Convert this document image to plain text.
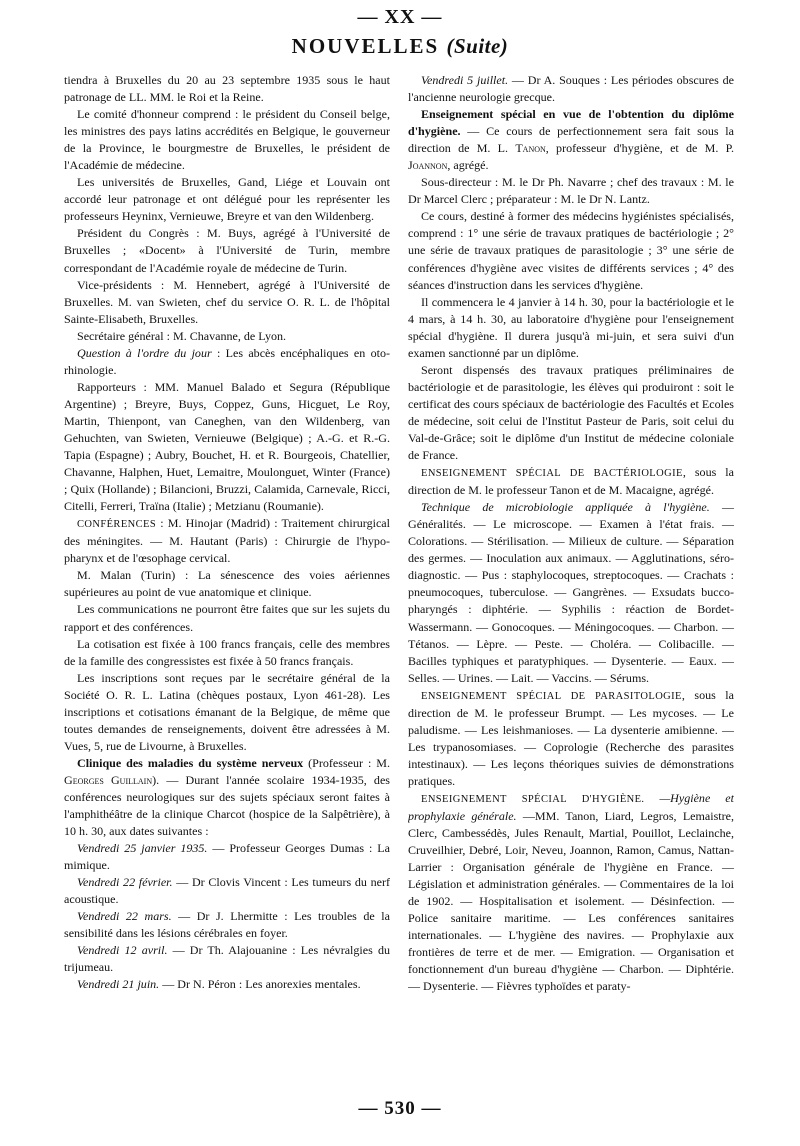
— XX —
NOUVELLES (Suite)

tiendra à Bruxelles du 20 au 23 septembre 1935 sous le haut patronage de LL. MM. le Roi et la Reine.

Le comité d'honneur comprend : le président du Conseil belge, les ministres des pays latins accrédités en Belgique, le gouverneur de la Province, le bourgmestre de Bruxelles, le président de l'Académie de médecine.

Les universités de Bruxelles, Gand, Liége et Louvain ont accordé leur patronage et ont délégué pour les représenter les professeurs Heyninx, Vernieuwe, Breyre et van den Wildenberg.

Président du Congrès : M. Buys, agrégé à l'Université de Bruxelles ; «Docent» à l'Université de Turin, membre correspondant de l'Académie royale de médecine de Turin.

Vice-présidents : M. Hennebert, agrégé à l'Université de Bruxelles. M. van Swieten, chef du service O. R. L. de l'hôpital Sainte-Elisabeth, Bruxelles.

Secrétaire général : M. Chavanne, de Lyon.

Question à l'ordre du jour : Les abcès encéphaliques en oto-rhinologie.

Rapporteurs : MM. Manuel Balado et Segura (République Argentine) ; Breyre, Buys, Coppez, Guns, Hicguet, Le Roy, Martin, Thienpont, van Caneghen, van den Wildenberg, van Gehuchten, van Swieten, Vernieuwe (Belgique) ; A.-G. et R.-G. Tapia (Espagne) ; Aubry, Bouchet, H. et R. Bourgeois, Chatellier, Chavanne, Halphen, Huet, Lemaitre, Moulonguet, Winter (France) ; Quix (Hollande) ; Bilancioni, Bruzzi, Calamida, Carnevale, Ricci, Citelli, Ferreri, Traïna (Italie) ; Metzianu (Roumanie).

CONFÉRENCES : M. Hinojar (Madrid) : Traitement chirurgical des méningites. — M. Hautant (Paris) : Chirurgie de l'hypo-pharynx et de l'œsophage cervical.

M. Malan (Turin) : La sénescence des voies aériennes supérieures au point de vue anatomique et clinique.

Les communications ne pourront être faites que sur les sujets du rapport et des conférences.

La cotisation est fixée à 100 francs français, celle des membres de la famille des congressistes est fixée à 50 francs français.

Les inscriptions sont reçues par le secrétaire général de la Société O. R. L. Latina (chèques postaux, Lyon 461-28). Les inscriptions et cotisations émanant de la Belgique, de même que toutes demandes de renseignements, doivent être adressées à M. Vues, 5, rue de Livourne, à Bruxelles.

Clinique des maladies du système nerveux (Professeur : M. Georges Guillain). — Durant l'année scolaire 1934-1935, des conférences neurologiques sur des sujets spéciaux seront faites à l'amphithéâtre de la clinique Charcot (hospice de la Salpêtrière), à 10 h. 30, aux dates suivantes :

Vendredi 25 janvier 1935. — Professeur Georges Dumas : La mimique.

Vendredi 22 février. — Dr Clovis Vincent : Les tumeurs du nerf acoustique.

Vendredi 22 mars. — Dr J. Lhermitte : Les troubles de la sensibilité dans les lésions cérébrales en foyer.

Vendredi 12 avril. — Dr Th. Alajouanine : Les névralgies du trijumeau.

Vendredi 21 juin. — Dr N. Péron : Les anorexies mentales.

Vendredi 5 juillet. — Dr A. Souques : Les périodes obscures de l'ancienne neurologie grecque.

Enseignement spécial en vue de l'obtention du diplôme d'hygiène. — Ce cours de perfectionnement sera fait sous la direction de M. L. Tanon, professeur d'hygiène, et de M. P. Joannon, agrégé.

Sous-directeur : M. le Dr Ph. Navarre ; chef des travaux : M. le Dr Marcel Clerc ; préparateur : M. le Dr N. Lantz.

Ce cours, destiné à former des médecins hygiénistes spécialisés, comprend : 1° une série de travaux pratiques de bactériologie ; 2° une série de travaux pratiques de parasitologie ; 3° une série de conférences d'hygiène avec visites de différents services ; 4° des séances d'instruction dans les services d'hygiène.

Il commencera le 4 janvier à 14 h. 30, pour la bactériologie et le 4 mars, à 14 h. 30, au laboratoire d'hygiène pour l'enseignement spécial d'hygiène. Il durera jusqu'à mi-juin, et sera suivi d'un examen sanctionné par un diplôme.

Seront dispensés des travaux pratiques préliminaires de bactériologie et de parasitologie, les élèves qui produiront : soit le certificat des cours spéciaux de bactériologie des Facultés et Ecoles de médecine, soit celui de l'Institut Pasteur de Paris, soit celui du Val-de-Grâce; soit le diplôme d'un Institut de médecine coloniale de France.

ENSEIGNEMENT SPÉCIAL DE BACTÉRIOLOGIE, sous la direction de M. le professeur Tanon et de M. Macaigne, agrégé.

Technique de microbiologie appliquée à l'hygiène. — Généralités. — Le microscope. — Examen à l'état frais. — Colorations. — Stérilisation. — Milieux de culture. — Séparation des germes. — Inoculation aux animaux. — Agglutinations, séro-diagnostic. — Pus : staphylocoques, streptocoques. — Crachats : pneumocoques, tuberculose. — Gangrènes. — Exsudats bucco-pharyngés : diphtérie. — Syphilis : réaction de Bordet-Wassermann. — Gonocoques. — Méningocoques. — Charbon. — Tétanos. — Lèpre. — Peste. — Choléra. — Colibacille. — Bacilles typhiques et paratyphiques. — Dysenterie. — Eaux. — Selles. — Urines. — Lait. — Vaccins. — Sérums.

ENSEIGNEMENT SPÉCIAL DE PARASITOLOGIE, sous la direction de M. le professeur Brumpt. — Les mycoses. — Le paludisme. — Les leishmanioses. — La dysenterie amibienne. — Les trypanosomiases. — Coprologie (Recherche des parasites intestinaux). — Les leçons théoriques suivies de démonstrations pratiques.

ENSEIGNEMENT SPÉCIAL D'HYGIÈNE. —Hygiène et prophylaxie générale. —MM. Tanon, Liard, Legros, Lemaistre, Clerc, Cambessédès, Jules Renault, Martial, Pouillot, Leclainche, Cruveilhier, Debré, Loir, Neveu, Joannon, Ramon, Camus, Nattan-Larrier : Organisation générale de l'hygiène en France. — Législation et administration générales. — Commentaires de la loi de 1902. — Hospitalisation et isolement. — Désinfection. — Police sanitaire maritime. — Les conférences sanitaires internationales. — L'hygiène des navires. — Prophylaxie aux frontières de terre et de mer. — Emigration. — Organisation et fonctionnement d'un bureau d'hygiène — Charbon. — Diphtérie. — Dysenterie. — Fièvres typhoïdes et paraty-

— 530 —
